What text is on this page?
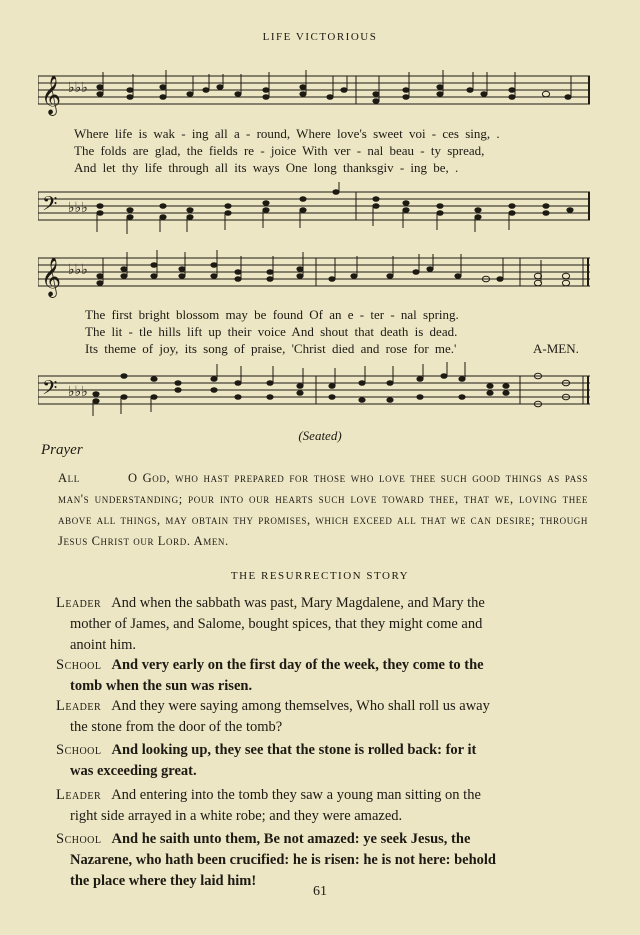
LIFE VICTORIOUS
𝄞 ♭♭♭
Where life is wak - ing all a - round, Where love's sweet voi - ces sing, .
The folds are glad, the fields re - joice With ver - nal beau - ty spread,
And let thy life through all its ways One long thanksgiv - ing be, .
𝄢 ♭♭♭
𝄞 ♭♭♭
The first bright blossom may be found Of an e - ter - nal spring.
The lit - tle hills lift up their voice And shout that death is dead.
Its theme of joy, its song of praise, 'Christ died and rose for me.'	A-MEN.
𝄢 ♭♭♭
(Seated)
Prayer
All	O God, who hast prepared for those who love thee such good things as pass man's understanding; pour into our hearts such love toward thee, that we, loving thee above all things, may obtain thy promises, which exceed all that we can desire; through Jesus Christ our Lord. Amen.
THE RESURRECTION STORY
Leader And when the sabbath was past, Mary Magdalene, and Mary the
mother of James, and Salome, bought spices, that they might come and
anoint him.
School And very early on the first day of the week, they come to the
tomb when the sun was risen.
Leader And they were saying among themselves, Who shall roll us away
the stone from the door of the tomb?
School And looking up, they see that the stone is rolled back: for it
was exceeding great.
Leader And entering into the tomb they saw a young man sitting on the
right side arrayed in a white robe; and they were amazed.
School And he saith unto them, Be not amazed: ye seek Jesus, the
Nazarene, who hath been crucified: he is risen: he is not here: behold
the place where they laid him!
61
